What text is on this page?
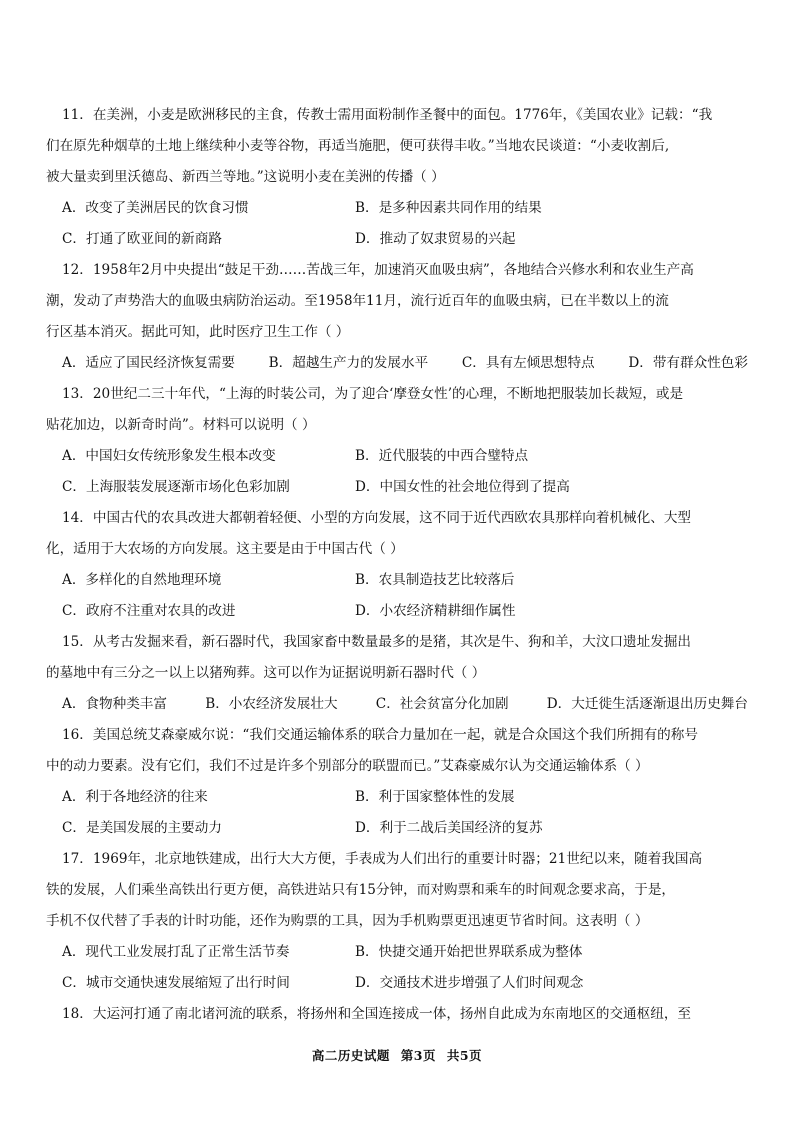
11．在美洲，小麦是欧洲移民的主食，传教士需用面粉制作圣餐中的面包。1776年，《美国农业》记载：“我
们在原先种烟草的土地上继续种小麦等谷物，再适当施肥，便可获得丰收。”当地农民谈道：“小麦收割后,
被大量卖到里沃德岛、新西兰等地。”这说明小麦在美洲的传播（ ）
A．改变了美洲居民的饮食习惯	B．是多种因素共同作用的结果
C．打通了欧亚间的新商路	D．推动了奴隶贸易的兴起
12．1958年2月中央提出“鼓足干劲……苦战三年，加速消灭血吸虫病”，各地结合兴修水利和农业生产高
潮，发动了声势浩大的血吸虫病防治运动。至1958年11月，流行近百年的血吸虫病，已在半数以上的流
行区基本消灭。据此可知，此时医疗卫生工作（ ）
A．适应了国民经济恢复需要 B．超越生产力的发展水平 C．具有左倾思想特点 D．带有群众性色彩
13．20世纪二三十年代，“上海的时装公司，为了迎合‘摩登女性’的心理，不断地把服装加长裁短，或是
贴花加边，以新奇时尚”。材料可以说明（ ）
A．中国妇女传统形象发生根本改变	B．近代服装的中西合璧特点
C．上海服装发展逐渐市场化色彩加剧	D．中国女性的社会地位得到了提高
14．中国古代的农具改进大都朝着轻便、小型的方向发展，这不同于近代西欧农具那样向着机械化、大型
化，适用于大农场的方向发展。这主要是由于中国古代（ ）
A．多样化的自然地理环境	B．农具制造技艺比较落后
C．政府不注重对农具的改进	D．小农经济精耕细作属性
15．从考古发掘来看，新石器时代，我国家畜中数量最多的是猪，其次是牛、狗和羊，大汶口遗址发掘出
的墓地中有三分之一以上以猪殉葬。这可以作为证据说明新石器时代（ ）
A．食物种类丰富	B．小农经济发展壮大	C．社会贫富分化加剧	D．大迁徙生活逐渐退出历史舞台
16．美国总统艾森豪威尔说：“我们交通运输体系的联合力量加在一起，就是合众国这个我们所拥有的称号
中的动力要素。没有它们，我们不过是许多个别部分的联盟而已。”艾森豪威尔认为交通运输体系（ ）
A．利于各地经济的往来	B．利于国家整体性的发展
C．是美国发展的主要动力	D．利于二战后美国经济的复苏
17．1969年，北京地铁建成，出行大大方便，手表成为人们出行的重要计时器；21世纪以来，随着我国高
铁的发展，人们乘坐高铁出行更方便，高铁进站只有15分钟，而对购票和乘车的时间观念要求高，于是，
手机不仅代替了手表的计时功能，还作为购票的工具，因为手机购票更迅速更节省时间。这表明（ ）
A．现代工业发展打乱了正常生活节奏	B．快捷交通开始把世界联系成为整体
C．城市交通快速发展缩短了出行时间	D．交通技术进步增强了人们时间观念
18．大运河打通了南北诸河流的联系，将扬州和全国连接成一体，扬州自此成为东南地区的交通枢纽，至
高二历史试题 第3页 共5页
